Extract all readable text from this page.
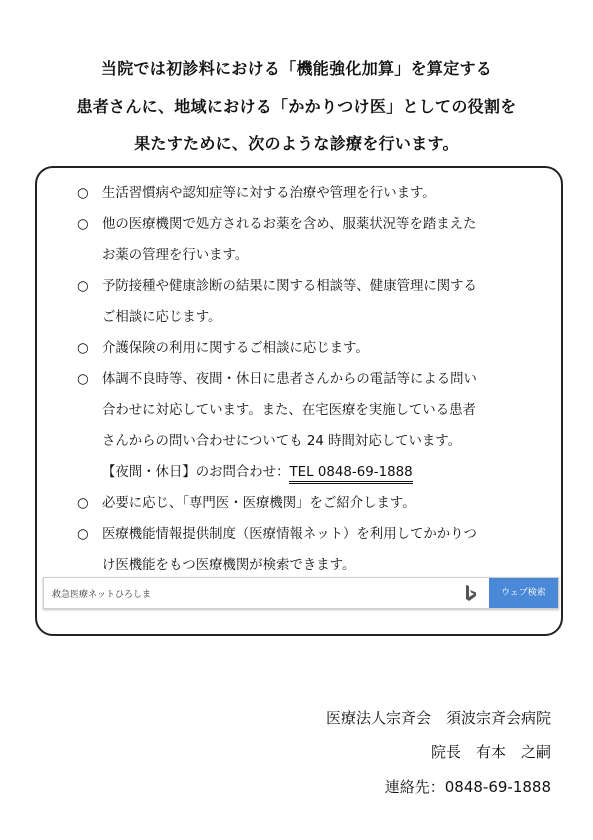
当院では初診料における「機能強化加算」を算定する
患者さんに、地域における「かかりつけ医」としての役割を
果たすために、次のような診療を行います。
○ 生活習慣病や認知症等に対する治療や管理を行います。
○ 他の医療機関で処方されるお薬を含め、服薬状況等を踏まえた
お薬の管理を行います。
○ 予防接種や健康診断の結果に関する相談等、健康管理に関する
ご相談に応じます。
○ 介護保険の利用に関するご相談に応じます。
○ 体調不良時等、夜間・休日に患者さんからの電話等による問い
合わせに対応しています。また、在宅医療を実施している患者
さんからの問い合わせについても 24 時間対応しています。
【夜間・休日】のお問合わせ：TEL 0848-69-1888
○ 必要に応じ、「専門医・医療機関」をご紹介します。
○ 医療機能情報提供制度（医療情報ネット）を利用してかかりつ
け医機能をもつ医療機関が検索できます。
救急医療ネットひろしま	ウェブ検索
医療法人宗斉会　須波宗斉会病院
院長　有本　之嗣
連絡先：0848-69-1888
